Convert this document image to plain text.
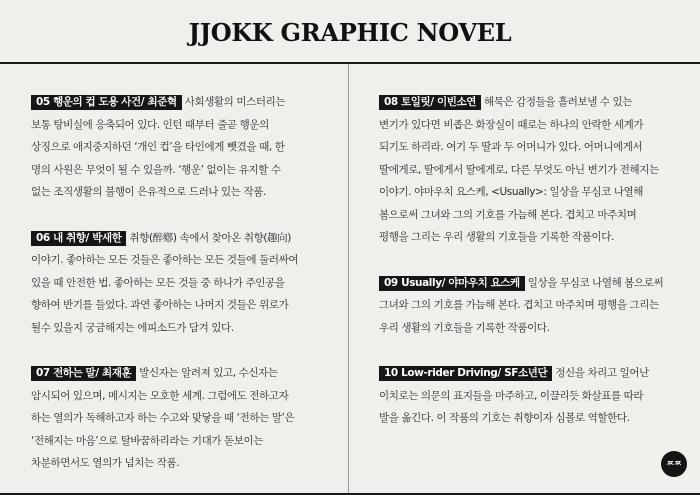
JJOKK GRAPHIC NOVEL
05 행운의 컵 도용 사건/ 최준혁 사회생활의 미스터리는 보통 탕비실에 응축되어 있다. 인턴 때부터 줄곧 행운의 상징으로 애지중지하던 ‘개인 컵’을 타인에게 뺏겼을 때, 한 명의 사원은 무엇이 될 수 있을까. ‘행운’ 없이는 유지할 수 없는 조직생활의 불행이 은유적으로 드러나 있는 작품.
06 내 취향/ 박새한 취향(醉鄕) 속에서 찾아온 취향(趣向) 이야기. 좋아하는 모든 것들은 좋아하는 모든 것들에 둘러싸여 있을 때 안전한 법. 좋아하는 모든 것들 중 하나가 주인공을 향하여 반기를 들었다. 과연 좋아하는 나머지 것들은 위로가 될수 있을지 궁금해지는 에피소드가 담겨 있다.
07 전하는 말/ 최재훈 발신자는 알려져 있고, 수신자는 암시되어 있으며, 메시지는 모호한 세계. 그럼에도 전하고자 하는 열의가 독해하고자 하는 수고와 맞닿을 때 ‘전하는 말’은 ‘전해지는 마음’으로 탈바꿈하리라는 기대가 돋보이는 차분하면서도 열의가 넘치는 작품.
08 토일릿/ 이빈소연 해묵은 감정들을 흘려보낼 수 있는 변기가 있다면 비좁은 화장실이 때로는 하나의 안락한 세계가 되기도 하리라. 여기 두 딸과 두 어머니가 있다. 어머니에게서 딸에게로, 딸에게서 딸에게로, 다른 무엇도 아닌 변기가 전해지는 이야기. 야마우치 요스케, <Usually>: 일상을 무심코 나열해 봄으로써 그녀와 그의 기호를 가늠해 본다. 겹치고 마주치며 평행을 그리는 우리 생활의 기호들을 기록한 작품이다.
09 Usually/ 야마우치 요스케 일상을 무심코 나열해 봄으로써 그녀와 그의 기호를 가늠해 본다. 겹치고 마주치며 평행을 그리는 우리 생활의 기호들을 기록한 작품이다.
10 Low-rider Driving/ SF소년단 정신을 차리고 일어난 이치로는 의문의 표지들을 마주하고, 이끌리듯 화살표를 따라 발을 옮긴다. 이 작품의 기호는 취향이자 심볼로 역할한다.
ㅉㅉ
